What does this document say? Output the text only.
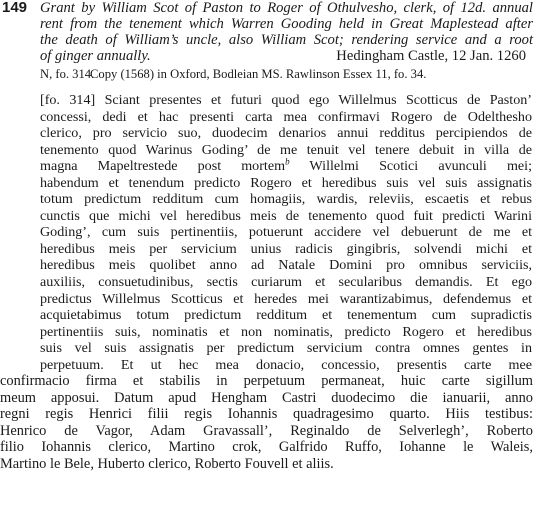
149 Grant by William Scot of Paston to Roger of Othulvesho, clerk, of 12d. annual
rent from the tenement which Warren Gooding held in Great Maplestead after
the death of William’s uncle, also William Scot; rendering service and a root
of ginger annually.	Hedingham Castle, 12 Jan. 1260
N, fo. 314.
Copy (1568) in Oxford, Bodleian MS. Rawlinson Essex 11, fo. 34.
[fo. 314] Sciant presentes et futuri quod ego Willelmus Scotticus de Paston’
concessi, dedi et hac presenti carta mea confirmavi Rogero de Odelthesho
clerico, pro servicio suo, duodecim denarios annui redditus percipiendos de
tenemento quod Warinus Goding’ de me tenuit vel tenere debuit in villa de
magna Mapeltrestede post mortem$^b$ Willelmi Scotici avunculi mei;
habendum et tenendum predicto Rogero et heredibus suis vel suis assignatis
totum predictum redditum cum homagiis, wardis, releviis, escaetis et rebus
cunctis que michi vel heredibus meis de tenemento quod fuit predicti Warini
Goding’, cum suis pertinentiis, potuerunt accidere vel debuerunt de me et
heredibus meis per servicium unius radicis gingibris, solvendi michi et
heredibus meis quolibet anno ad Natale Domini pro omnibus serviciis,
auxiliis, consuetudinibus, sectis curiarum et secularibus demandis. Et ego
predictus Willelmus Scotticus et heredes mei warantizabimus, defendemus et
acquietabimus totum predictum redditum et tenementum cum supradictis
pertinentiis suis, nominatis et non nominatis, predicto Rogero et heredibus
suis vel suis assignatis per predictum servicium contra omnes gentes in
perpetuum. Et ut hec mea donacio, concessio, presentis carte mee
confirmacio firma et stabilis in perpetuum permaneat, huic carte sigillum
meum apposui. Datum apud Hengham Castri duodecimo die ianuarii, anno
regni regis Henrici filii regis Iohannis quadragesimo quarto. Hiis testibus:
Henrico de Vagor, Adam Gravassall’, Reginaldo de Selverlegh’, Roberto
filio Iohannis clerico, Martino crok, Galfrido Ruffo, Iohanne le Waleis,
Martino le Bele, Huberto clerico, Roberto Fouvell et aliis.
